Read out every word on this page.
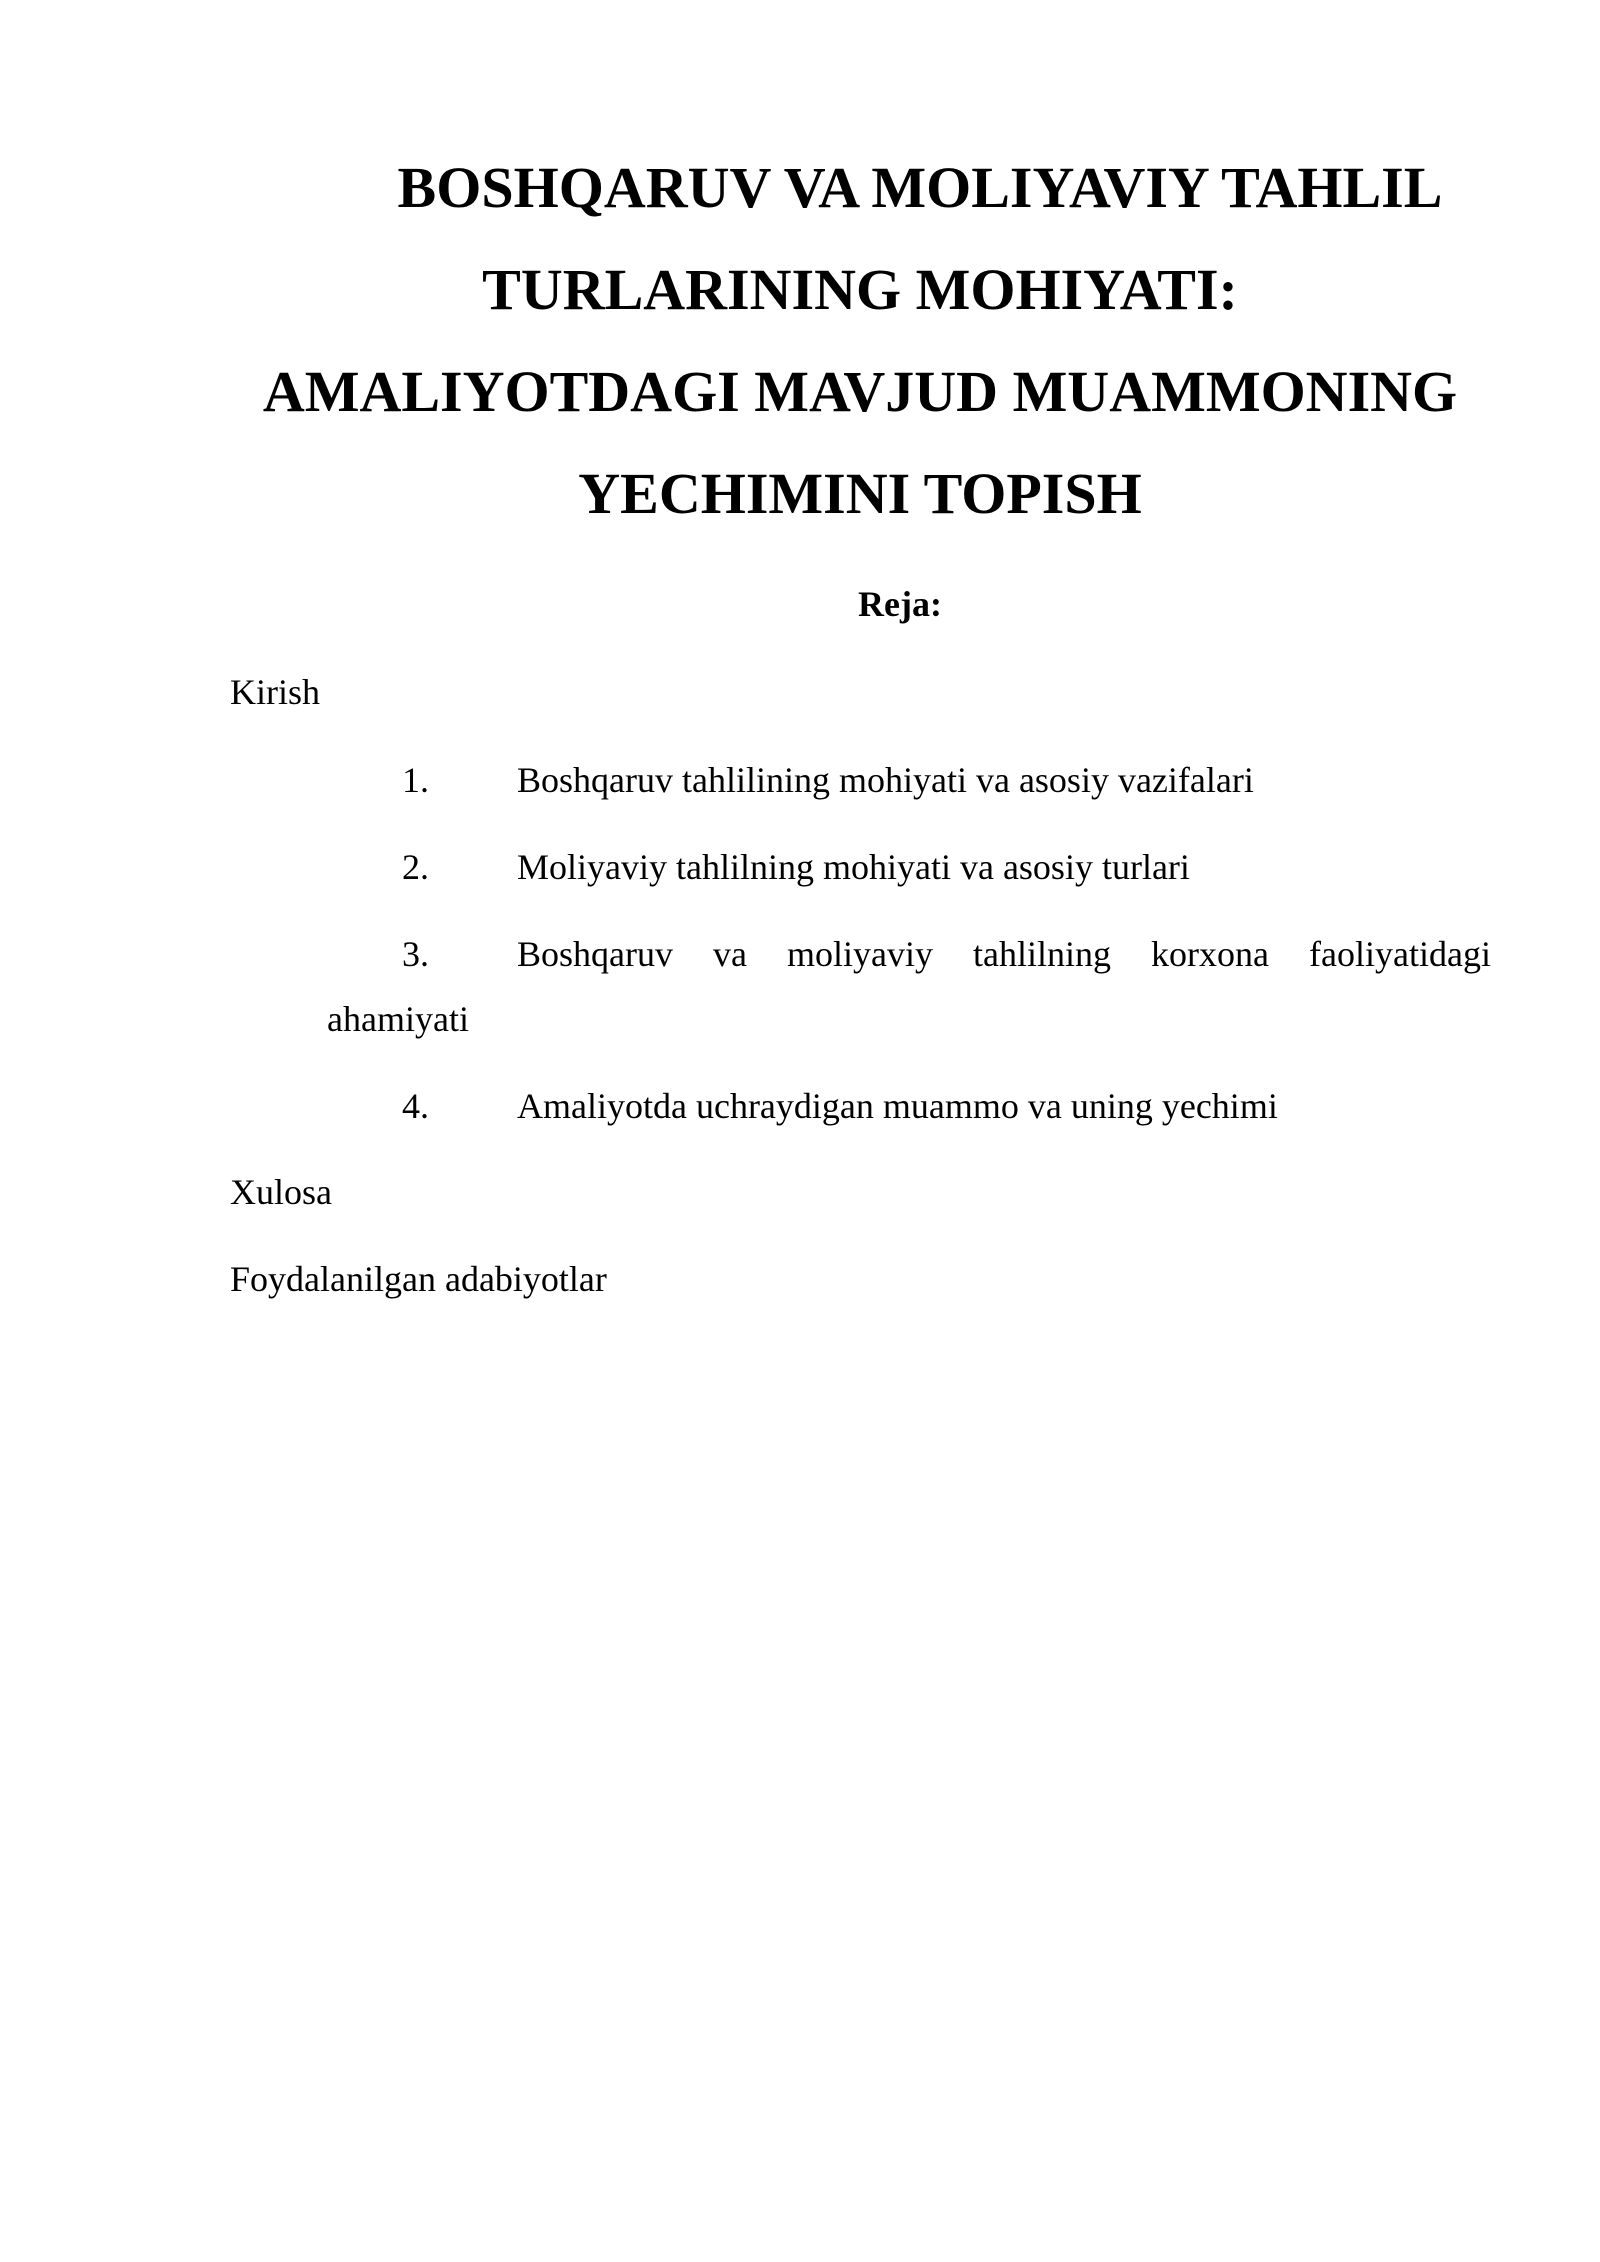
BOSHQARUV VA MOLIYAVIY TAHLIL
TURLARINING MOHIYATI:
AMALIYOTDAGI MAVJUD MUAMMONING
YECHIMINI TOPISH
Reja:
Kirish
1. Boshqaruv tahlilining mohiyati va asosiy vazifalari
2. Moliyaviy tahlilning mohiyati va asosiy turlari
3. Boshqaruv va moliyaviy tahlilning korxona faoliyatidagi
ahamiyati
4. Amaliyotda uchraydigan muammo va uning yechimi
Xulosa
Foydalanilgan adabiyotlar
